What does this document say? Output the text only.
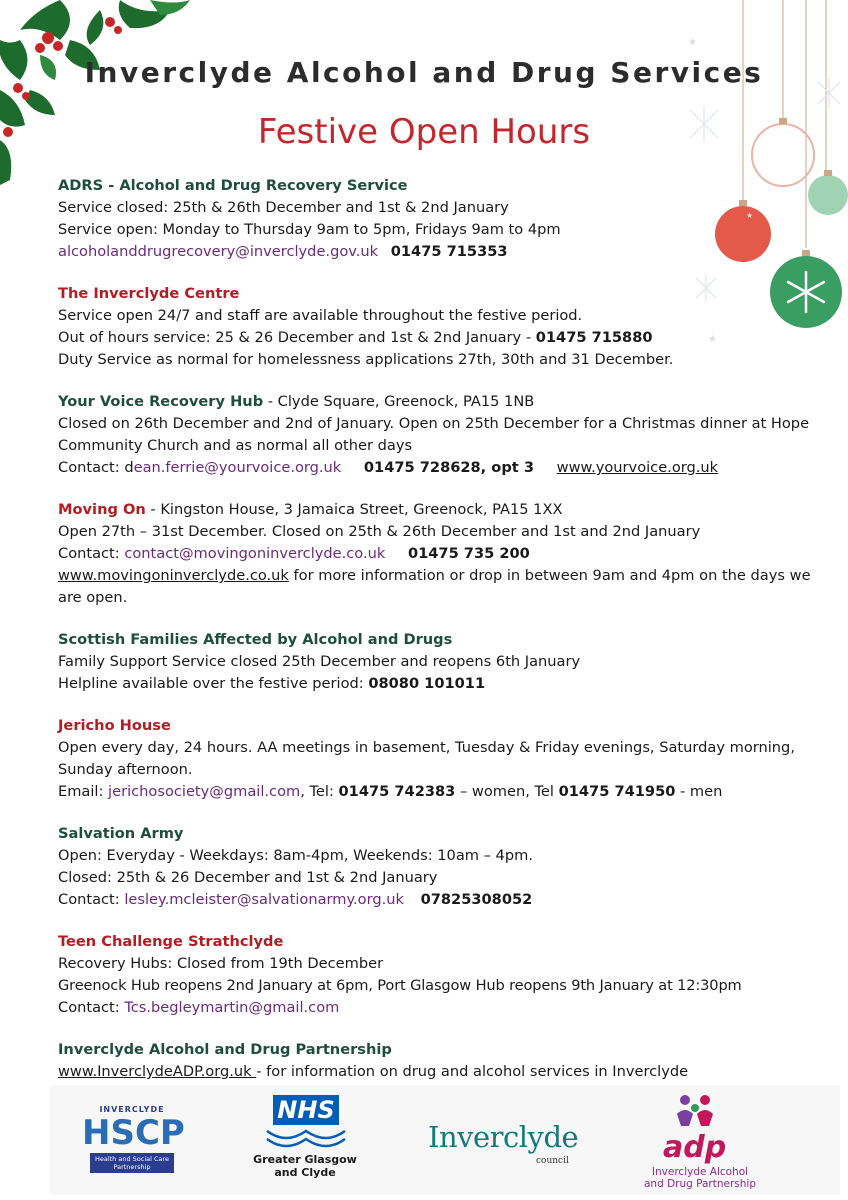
★
★
★
Inverclyde Alcohol and Drug Services
Festive Open Hours
ADRS - Alcohol and Drug Recovery Service
Service closed: 25th & 26th December and 1st & 2nd January
Service open: Monday to Thursday 9am to 5pm, Fridays 9am to 4pm
alcoholanddrugrecovery@inverclyde.gov.uk 01475 715353
The Inverclyde Centre
Service open 24/7 and staff are available throughout the festive period.
Out of hours service: 25 & 26 December and 1st & 2nd January - 01475 715880
Duty Service as normal for homelessness applications 27th, 30th and 31 December.
Your Voice Recovery Hub - Clyde Square, Greenock, PA15 1NB
Closed on 26th December and 2nd of January. Open on 25th December for a Christmas dinner at Hope Community Church and as normal all other days
Contact: dean.ferrie@yourvoice.org.uk 01475 728628, opt 3 www.yourvoice.org.uk
Moving On - Kingston House, 3 Jamaica Street, Greenock, PA15 1XX
Open 27th – 31st December. Closed on 25th & 26th December and 1st and 2nd January
Contact: contact@movingoninverclyde.co.uk 01475 735 200
www.movingoninverclyde.co.uk for more information or drop in between 9am and 4pm on the days we are open.
Scottish Families Affected by Alcohol and Drugs
Family Support Service closed 25th December and reopens 6th January
Helpline available over the festive period: 08080 101011
Jericho House
Open every day, 24 hours. AA meetings in basement, Tuesday & Friday evenings, Saturday morning, Sunday afternoon.
Email: jerichosociety@gmail.com, Tel: 01475 742383 – women, Tel 01475 741950 - men
Salvation Army
Open: Everyday - Weekdays: 8am-4pm, Weekends: 10am – 4pm.
Closed: 25th & 26 December and 1st & 2nd January
Contact: lesley.mcleister@salvationarmy.org.uk 07825308052
Teen Challenge Strathclyde
Recovery Hubs: Closed from 19th December
Greenock Hub reopens 2nd January at 6pm, Port Glasgow Hub reopens 9th January at 12:30pm
Contact: Tcs.begleymartin@gmail.com
Inverclyde Alcohol and Drug Partnership
www.InverclydeADP.org.uk - for information on drug and alcohol services in Inverclyde
INVERCLYDE
HSCP
Health and Social Care Partnership
NHS
Greater Glasgow
and Clyde
Inverclyde
council	adp
Inverclyde Alcohol
and Drug Partnership
